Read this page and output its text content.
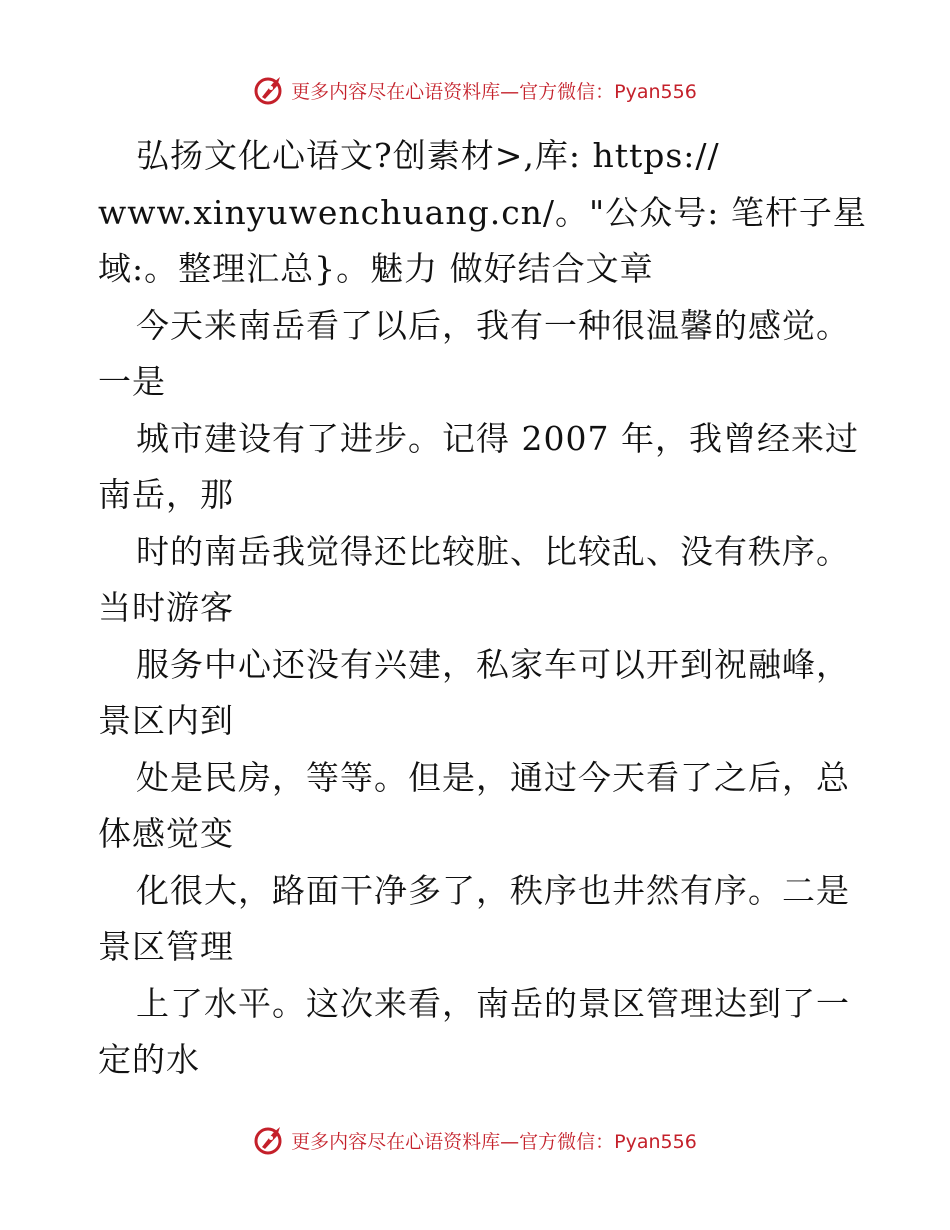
更多内容尽在心语资料库—官方微信：Pyan556
弘扬文化心语文?创素材>,库: https://
www.xinyuwenchuang.cn/。"公众号: 笔杆子星
域:。整理汇总}。魅力 做好结合文章
今天来南岳看了以后，我有一种很温馨的感觉。
一是
城市建设有了进步。记得 2007 年，我曾经来过
南岳，那
时的南岳我觉得还比较脏、比较乱、没有秩序。
当时游客
服务中心还没有兴建，私家车可以开到祝融峰，
景区内到
处是民房，等等。但是，通过今天看了之后，总
体感觉变
化很大，路面干净多了，秩序也井然有序。二是
景区管理
上了水平。这次来看，南岳的景区管理达到了一
定的水
更多内容尽在心语资料库—官方微信：Pyan556
